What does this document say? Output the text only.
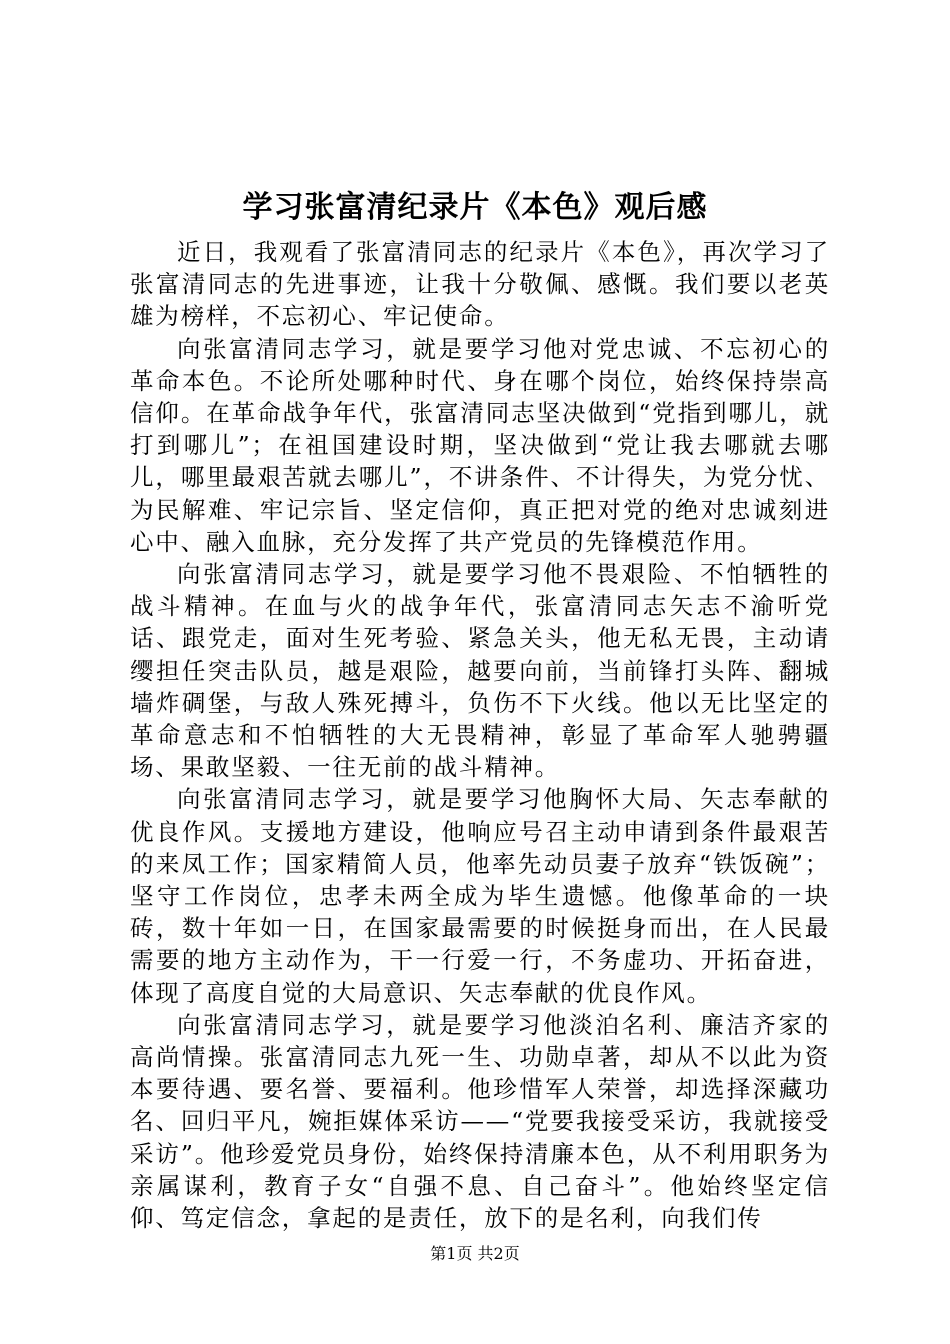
学习张富清纪录片《本色》观后感

近日，我观看了张富清同志的纪录片《本色》，再次学习了张富清同志的先进事迹，让我十分敬佩、感慨。我们要以老英雄为榜样，不忘初心、牢记使命。

向张富清同志学习，就是要学习他对党忠诚、不忘初心的革命本色。不论所处哪种时代、身在哪个岗位，始终保持崇高信仰。在革命战争年代，张富清同志坚决做到“党指到哪儿，就打到哪儿”；在祖国建设时期，坚决做到“党让我去哪就去哪儿，哪里最艰苦就去哪儿”，不讲条件、不计得失，为党分忧、为民解难、牢记宗旨、坚定信仰，真正把对党的绝对忠诚刻进心中、融入血脉，充分发挥了共产党员的先锋模范作用。

向张富清同志学习，就是要学习他不畏艰险、不怕牺牲的战斗精神。在血与火的战争年代，张富清同志矢志不渝听党话、跟党走，面对生死考验、紧急关头，他无私无畏，主动请缨担任突击队员，越是艰险，越要向前，当前锋打头阵、翻城墙炸碉堡，与敌人殊死搏斗，负伤不下火线。他以无比坚定的革命意志和不怕牺牲的大无畏精神，彰显了革命军人驰骋疆场、果敢坚毅、一往无前的战斗精神。

向张富清同志学习，就是要学习他胸怀大局、矢志奉献的优良作风。支援地方建设，他响应号召主动申请到条件最艰苦的来凤工作；国家精简人员，他率先动员妻子放弃“铁饭碗”；坚守工作岗位，忠孝未两全成为毕生遗憾。他像革命的一块砖，数十年如一日，在国家最需要的时候挺身而出，在人民最需要的地方主动作为，干一行爱一行，不务虚功、开拓奋进，体现了高度自觉的大局意识、矢志奉献的优良作风。

向张富清同志学习，就是要学习他淡泊名利、廉洁齐家的高尚情操。张富清同志九死一生、功勋卓著，却从不以此为资本要待遇、要名誉、要福利。他珍惜军人荣誉，却选择深藏功名、回归平凡，婉拒媒体采访——“党要我接受采访，我就接受采访”。他珍爱党员身份，始终保持清廉本色，从不利用职务为亲属谋利，教育子女“自强不息、自己奋斗”。他始终坚定信仰、笃定信念，拿起的是责任，放下的是名利，向我们传

第1页 共2页
